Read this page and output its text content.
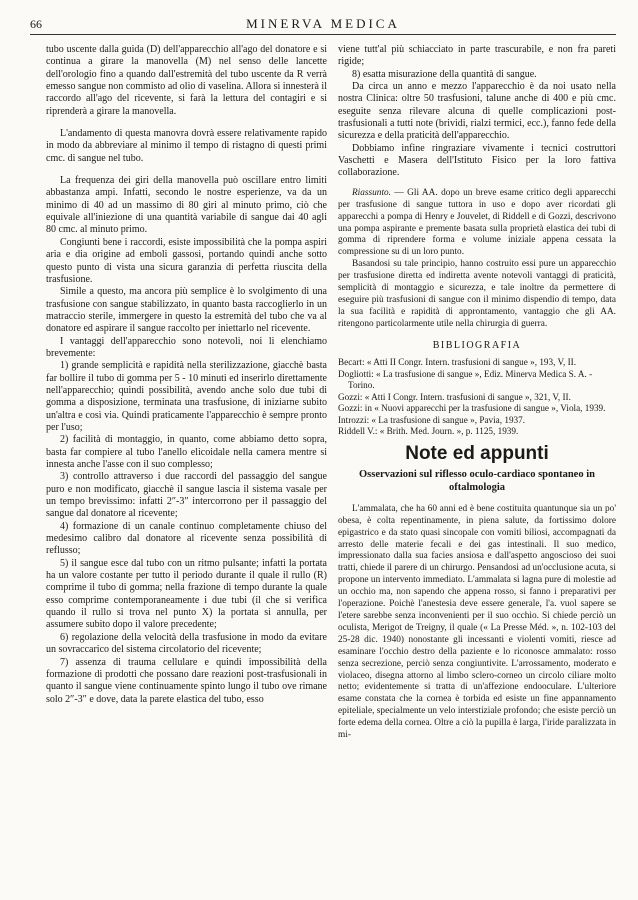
66	MINERVA MEDICA

tubo uscente dalla guida (D) dell'apparecchio all'ago del donatore e si continua a girare la manovella (M) nel senso delle lancette dell'orologio fino a quando dall'estremità del tubo uscente da R verrà emesso sangue non commisto ad olio di vaselina. Allora si innesterà il raccordo all'ago del ricevente, si farà la lettura del contagiri e si riprenderà a girare la manovella.

L'andamento di questa manovra dovrà essere relativamente rapido in modo da abbreviare al minimo il tempo di ristagno di questi primi cmc. di sangue nel tubo.

La frequenza dei giri della manovella può oscillare entro limiti abbastanza ampi. Infatti, secondo le nostre esperienze, va da un minimo di 40 ad un massimo di 80 giri al minuto primo, ciò che equivale all'iniezione di una quantità variabile di sangue dai 40 agli 80 cmc. al minuto primo.

Congiunti bene i raccordi, esiste impossibilità che la pompa aspiri aria e dia origine ad emboli gassosi, portando quindi anche sotto questo punto di vista una sicura garanzia di perfetta riuscita della trasfusione.

Simile a questo, ma ancora più semplice è lo svolgimento di una trasfusione con sangue stabilizzato, in quanto basta raccoglierlo in un matraccio sterile, immergere in questo la estremità del tubo che va al donatore ed aspirare il sangue raccolto per iniettarlo nel ricevente.

I vantaggi dell'apparecchio sono notevoli, noi li elenchiamo brevemente:

1) grande semplicità e rapidità nella sterilizzazione, giacchè basta far bollire il tubo di gomma per 5 - 10 minuti ed inserirlo direttamente nell'apparecchio; quindi possibilità, avendo anche solo due tubi di gomma a disposizione, terminata una trasfusione, di iniziarne subito un'altra e così via. Quindi praticamente l'apparecchio è sempre pronto per l'uso;

2) facilità di montaggio, in quanto, come abbiamo detto sopra, basta far compiere al tubo l'anello elicoidale nella camera mentre si innesta anche l'asse con il suo complesso;

3) controllo attraverso i due raccordi del passaggio del sangue puro e non modificato, giacchè il sangue lascia il sistema vasale per un tempo brevissimo: infatti 2″-3″ intercorrono per il passaggio del sangue dal donatore al ricevente;

4) formazione di un canale continuo completamente chiuso del medesimo calibro dal donatore al ricevente senza possibilità di reflusso;

5) il sangue esce dal tubo con un ritmo pulsante; infatti la portata ha un valore costante per tutto il periodo durante il quale il rullo (R) comprime il tubo di gomma; nella frazione di tempo durante la quale esso comprime contemporaneamente i due tubi (il che si verifica quando il rullo si trova nel punto X) la portata si annulla, per assumere subito dopo il valore precedente;

6) regolazione della velocità della trasfusione in modo da evitare un sovraccarico del sistema circolatorio del ricevente;

7) assenza di trauma cellulare e quindi impossibilità della formazione di prodotti che possano dare reazioni post-trasfusionali in quanto il sangue viene continuamente spinto lungo il tubo ove rimane solo 2″-3″ e dove, data la parete elastica del tubo, esso

viene tutt'al più schiacciato in parte trascurabile, e non fra pareti rigide;

8) esatta misurazione della quantità di sangue.

Da circa un anno e mezzo l'apparecchio è da noi usato nella nostra Clinica: oltre 50 trasfusioni, talune anche di 400 e più cmc. eseguite senza rilevare alcuna di quelle complicazioni post-trasfusionali a tutti note (brividi, rialzi termici, ecc.), fanno fede della sicurezza e della praticità dell'apparecchio.

Dobbiamo infine ringraziare vivamente i tecnici costruttori Vaschetti e Masera dell'Istituto Fisico per la loro fattiva collaborazione.

Riassunto. — Gli AA. dopo un breve esame critico degli apparecchi per trasfusione di sangue tuttora in uso e dopo aver ricordati gli apparecchi a pompa di Henry e Jouvelet, di Riddell e di Gozzi, descrivono una pompa aspirante e premente basata sulla proprietà elastica dei tubi di gomma di riprendere forma e volume iniziale appena cessata la compressione su di un loro punto.

Basandosi su tale principio, hanno costruito essi pure un apparecchio per trasfusione diretta ed indiretta avente notevoli vantaggi di praticità, semplicità di montaggio e sicurezza, e tale inoltre da permettere di eseguire più trasfusioni di sangue con il minimo dispendio di tempo, data la sua facilità e rapidità di approntamento, vantaggio che gli AA. ritengono particolarmente utile nella chirurgia di guerra.

BIBLIOGRAFIA

Becart: « Atti II Congr. Intern. trasfusioni di sangue », 193, V, II.

Dogliotti: « La trasfusione di sangue », Ediz. Minerva Medica S. A. - Torino.

Gozzi: « Atti I Congr. Intern. trasfusioni di sangue », 321, V, II.

Gozzi: in « Nuovi apparecchi per la trasfusione di sangue », Viola, 1939.

Introzzi: « La trasfusione di sangue », Pavia, 1937.

Riddell V.: « Brith. Med. Journ. », p. 1125, 1939.

Note ed appunti
Osservazioni sul riflesso oculo-cardiaco spontaneo in oftalmologia

L'ammalata, che ha 60 anni ed è bene costituita quantunque sia un po' obesa, è colta repentinamente, in piena salute, da fortissimo dolore epigastrico e da stato quasi sincopale con vomiti biliosi, accompagnati da arresto delle materie fecali e dei gas intestinali. Il suo medico, impressionato dalla sua facies ansiosa e dall'aspetto angoscioso dei suoi tratti, chiede il parere di un chirurgo. Pensandosi ad un'occlusione acuta, si propone un intervento immediato. L'ammalata si lagna pure di molestie ad un occhio ma, non sapendo che appena rosso, si fanno i preparativi per l'operazione. Poichè l'anestesia deve essere generale, l'a. vuol sapere se l'etere sarebbe senza inconvenienti per il suo occhio. Si chiede perciò un oculista, Merigot de Treigny, il quale (« La Presse Méd. », n. 102-103 del 25-28 dic. 1940) nonostante gli incessanti e violenti vomiti, riesce ad esaminare l'occhio destro della paziente e lo riconosce ammalato: rosso senza secrezione, perciò senza congiuntivite. L'arrossamento, moderato e violaceo, disegna attorno al limbo sclero-corneo un circolo ciliare molto netto; evidentemente si tratta di un'affezione endooculare. L'ulteriore esame constata che la cornea è torbida ed esiste un fine appannamento epiteliale, specialmente un velo interstiziale profondo; che esiste perciò un forte edema della cornea. Oltre a ciò la pupilla è larga, l'iride paralizzata in mi-
